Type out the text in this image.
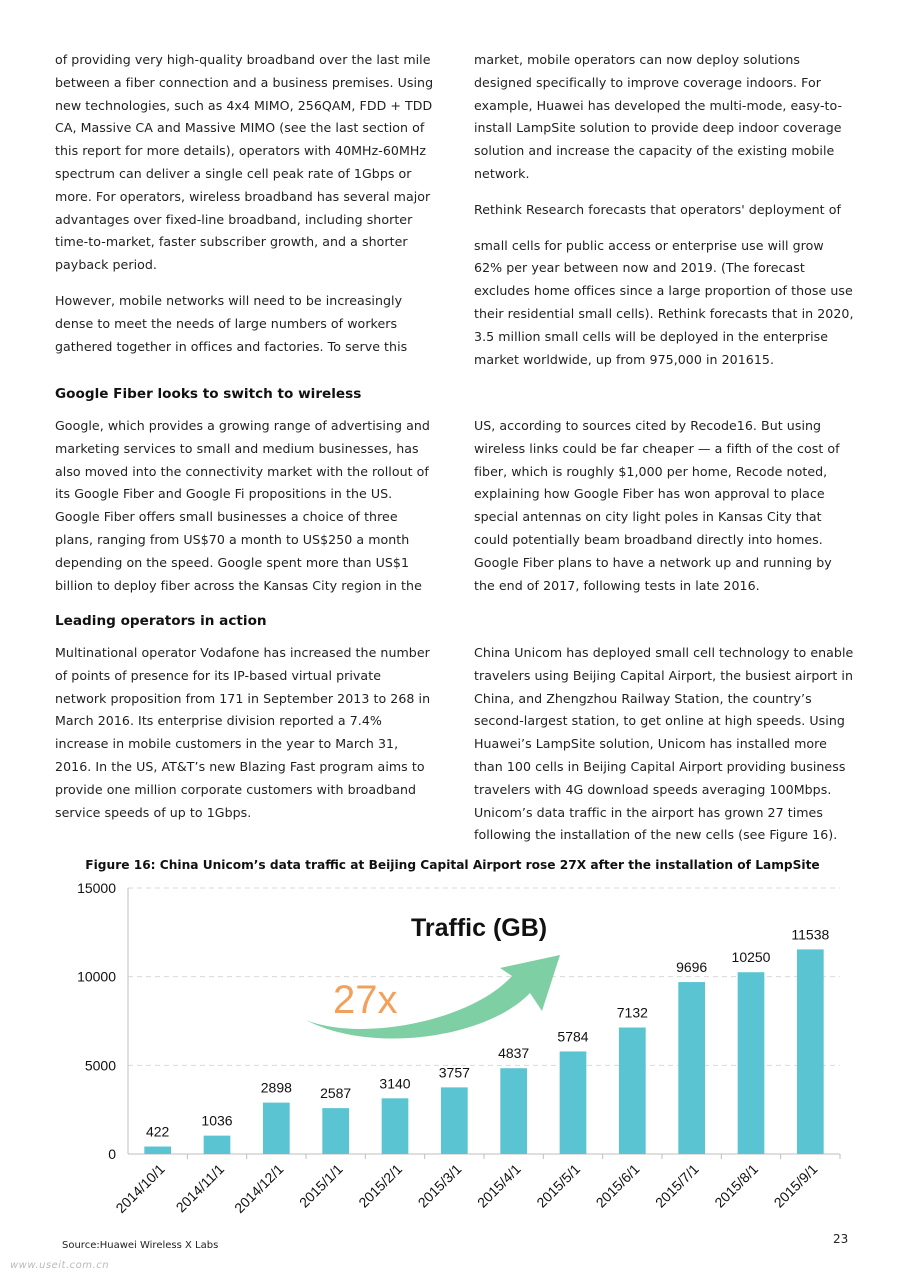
of providing very high-quality broadband over the last mile between a fiber connection and a business premises. Using new technologies, such as 4x4 MIMO, 256QAM, FDD + TDD CA, Massive CA and Massive MIMO (see the last section of this report for more details), operators with 40MHz-60MHz spectrum can deliver a single cell peak rate of 1Gbps or more. For operators, wireless broadband has several major advantages over fixed-line broadband, including shorter time-to-market, faster subscriber growth, and a shorter payback period.

However, mobile networks will need to be increasingly dense to meet the needs of large numbers of workers gathered together in offices and factories. To serve this

market, mobile operators can now deploy solutions designed specifically to improve coverage indoors. For example, Huawei has developed the multi-mode, easy-to-install LampSite solution to provide deep indoor coverage solution and increase the capacity of the existing mobile network.

Rethink Research forecasts that operators' deployment of

small cells for public access or enterprise use will grow 62% per year between now and 2019. (The forecast excludes home offices since a large proportion of those use their residential small cells). Rethink forecasts that in 2020, 3.5 million small cells will be deployed in the enterprise market worldwide, up from 975,000 in 201615.

Google Fiber looks to switch to wireless

Google, which provides a growing range of advertising and marketing services to small and medium businesses, has also moved into the connectivity market with the rollout of its Google Fiber and Google Fi propositions in the US. Google Fiber offers small businesses a choice of three plans, ranging from US$70 a month to US$250 a month depending on the speed. Google spent more than US$1 billion to deploy fiber across the Kansas City region in the

US, according to sources cited by Recode16. But using wireless links could be far cheaper — a fifth of the cost of fiber, which is roughly $1,000 per home, Recode noted, explaining how Google Fiber has won approval to place special antennas on city light poles in Kansas City that could potentially beam broadband directly into homes. Google Fiber plans to have a network up and running by the end of 2017, following tests in late 2016.

Leading operators in action

Multinational operator Vodafone has increased the number of points of presence for its IP-based virtual private network proposition from 171 in September 2013 to 268 in March 2016. Its enterprise division reported a 7.4% increase in mobile customers in the year to March 31, 2016. In the US, AT&T’s new Blazing Fast program aims to provide one million corporate customers with broadband service speeds of up to 1Gbps.

China Unicom has deployed small cell technology to enable travelers using Beijing Capital Airport, the busiest airport in China, and Zhengzhou Railway Station, the country’s second-largest station, to get online at high speeds. Using Huawei’s LampSite solution, Unicom has installed more than 100 cells in Beijing Capital Airport providing business travelers with 4G download speeds averaging 100Mbps. Unicom’s data traffic in the airport has grown 27 times following the installation of the new cells (see Figure 16).

Figure 16: China Unicom’s data traffic at Beijing Capital Airport rose 27X after the installation of LampSite
0
5000
10000
15000
422
1036
2898 2587
3140
3757
4837
5784
7132
9696
10250
11538
2014/10/1 2014/11/1 2014/12/1 2015/1/1 2015/2/1 2015/3/1 2015/4/1 2015/5/1 2015/6/1 2015/7/1 2015/8/1 2015/9/1
27x
Traffic (GB)
Source:Huawei Wireless X Labs	23
www.useit.com.cn
